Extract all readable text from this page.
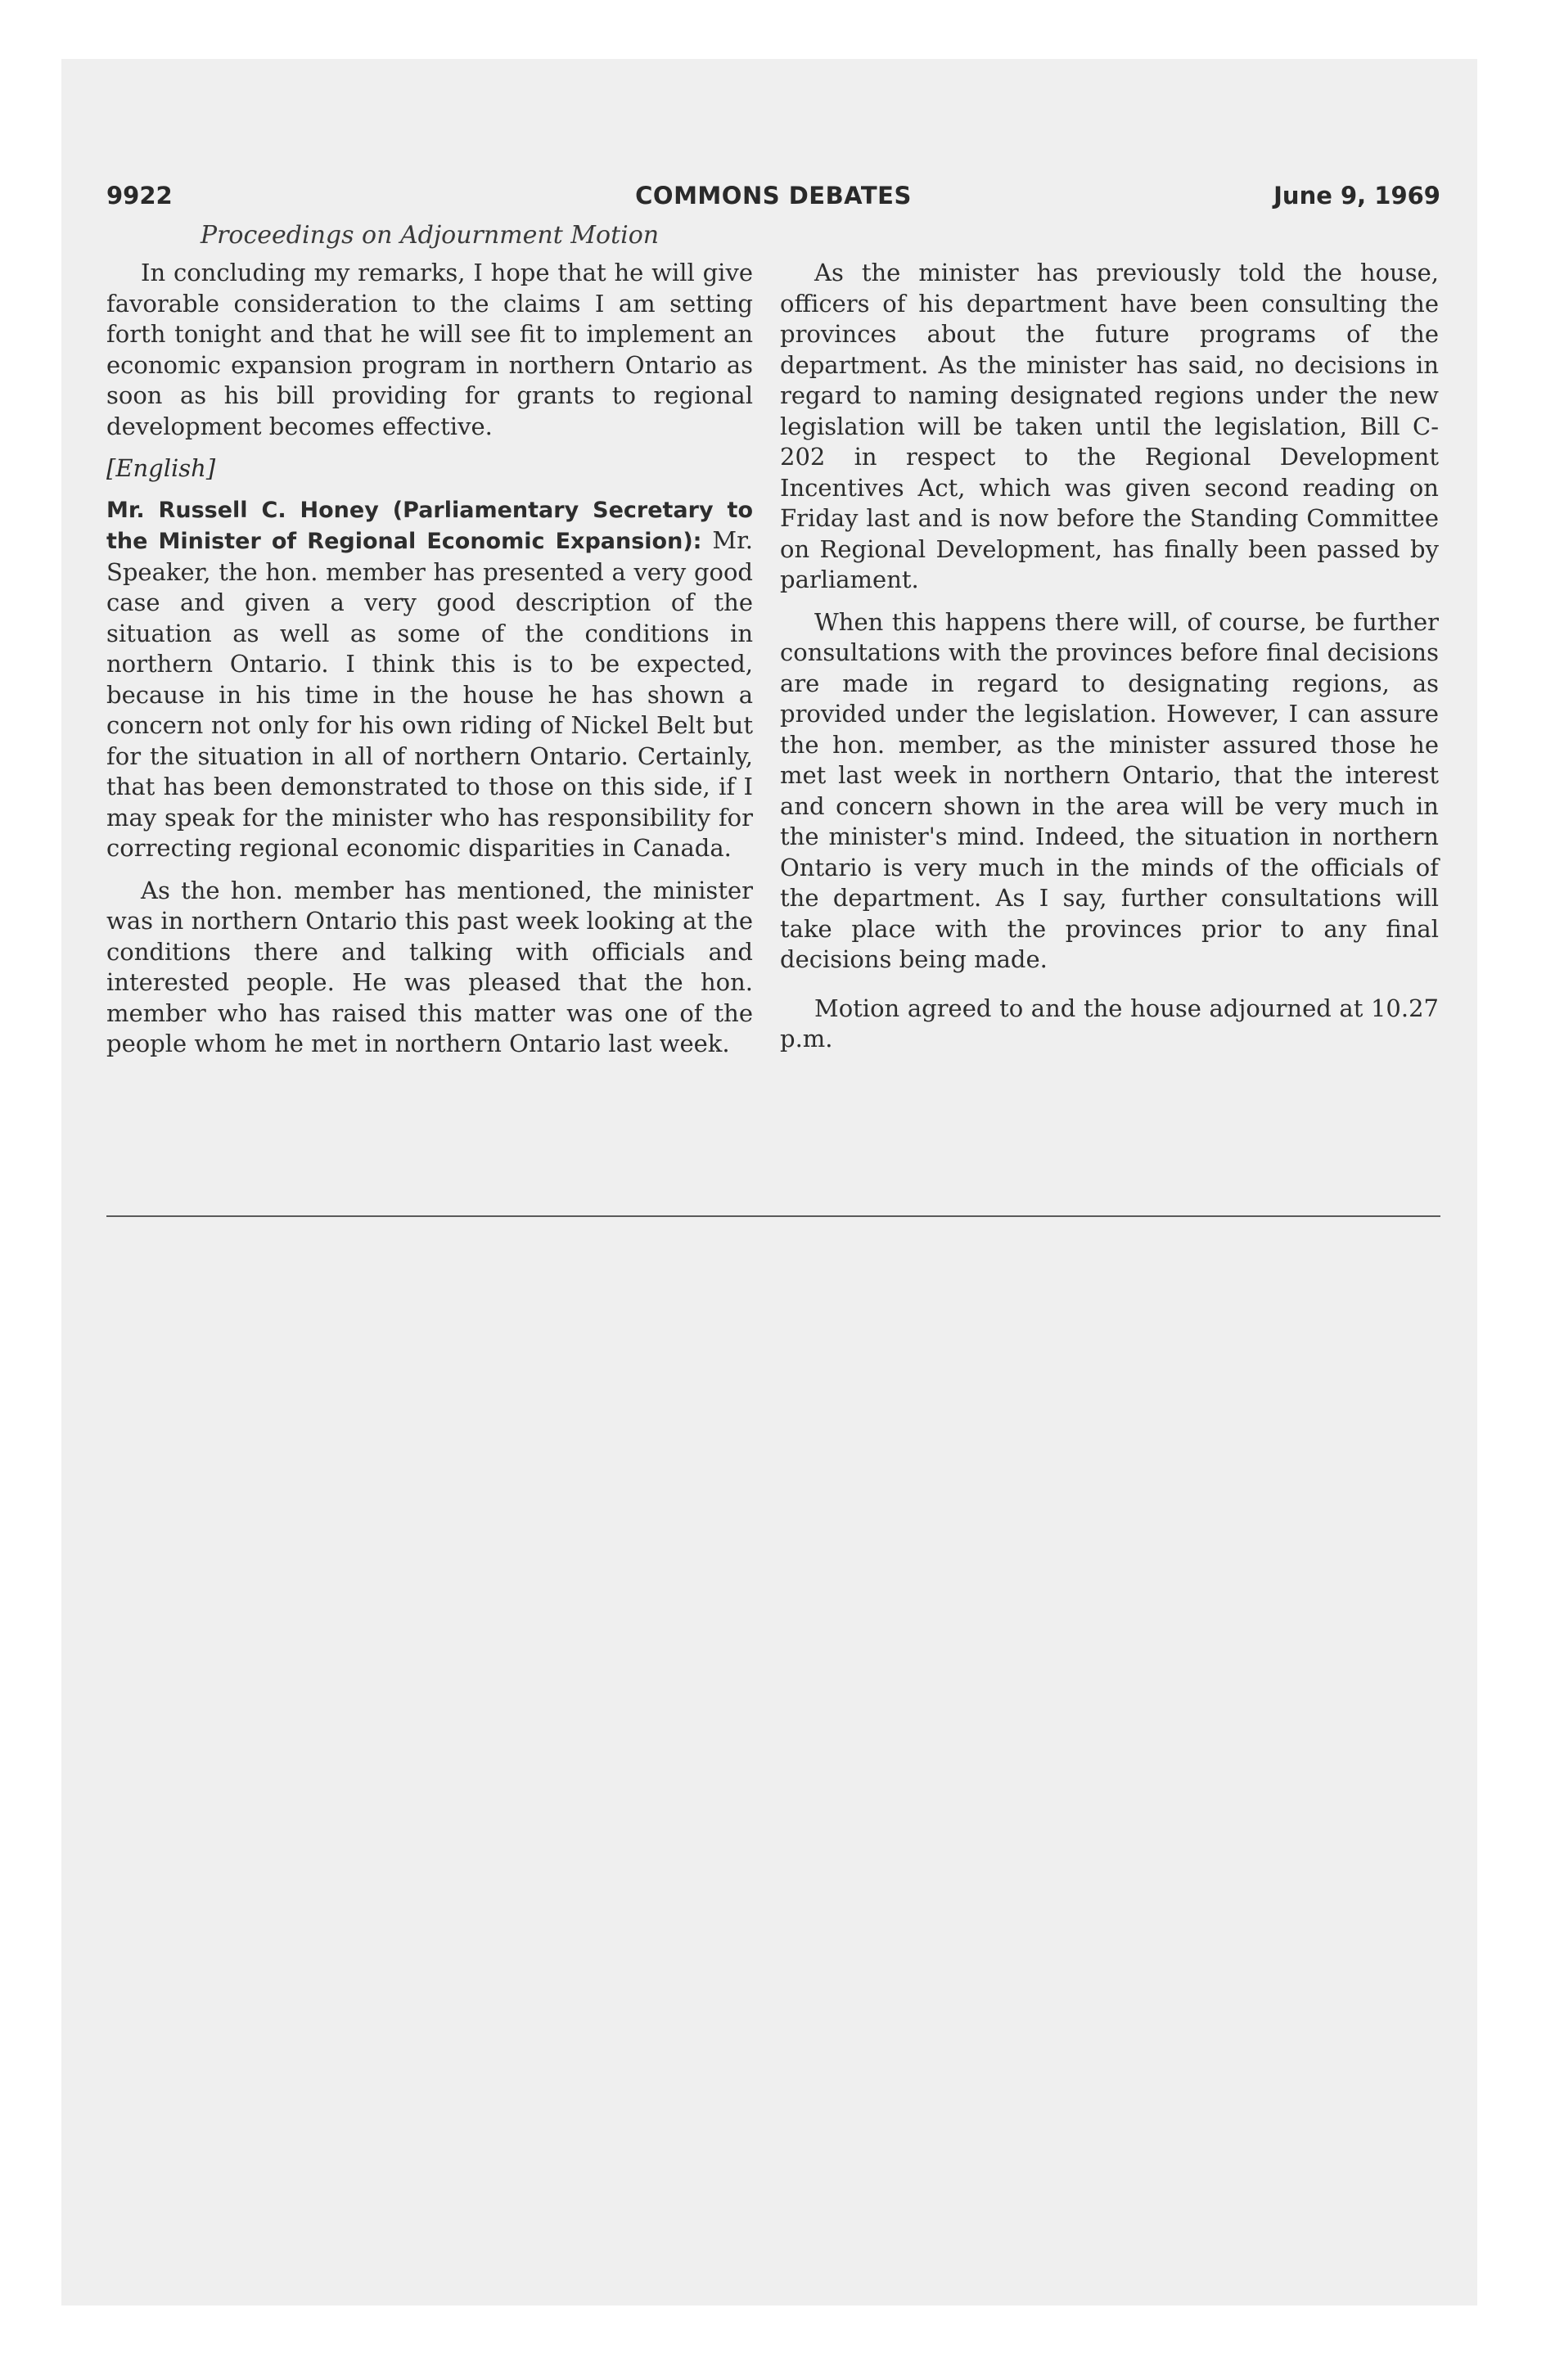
9922	COMMONS DEBATES	June 9, 1969
Proceedings on Adjournment Motion

In concluding my remarks, I hope that he will give favorable consideration to the claims I am setting forth tonight and that he will see fit to implement an economic expansion program in northern Ontario as soon as his bill providing for grants to regional development becomes effective.

[English]

Mr. Russell C. Honey (Parliamentary Secretary to the Minister of Regional Economic Expansion): Mr. Speaker, the hon. member has presented a very good case and given a very good description of the situation as well as some of the conditions in northern Ontario. I think this is to be expected, because in his time in the house he has shown a concern not only for his own riding of Nickel Belt but for the situation in all of northern Ontario. Certainly, that has been demonstrated to those on this side, if I may speak for the minister who has responsibility for correcting regional economic disparities in Canada.

As the hon. member has mentioned, the minister was in northern Ontario this past week looking at the conditions there and talking with officials and interested people. He was pleased that the hon. member who has raised this matter was one of the people whom he met in northern Ontario last week.

As the minister has previously told the house, officers of his department have been consulting the provinces about the future programs of the department. As the minister has said, no decisions in regard to naming designated regions under the new legislation will be taken until the legislation, Bill C-202 in respect to the Regional Development Incentives Act, which was given second reading on Friday last and is now before the Standing Committee on Regional Development, has finally been passed by parliament.

When this happens there will, of course, be further consultations with the provinces before final decisions are made in regard to designating regions, as provided under the legislation. However, I can assure the hon. member, as the minister assured those he met last week in northern Ontario, that the interest and concern shown in the area will be very much in the minister's mind. Indeed, the situation in northern Ontario is very much in the minds of the officials of the department. As I say, further consultations will take place with the provinces prior to any final decisions being made.

Motion agreed to and the house adjourned at 10.27 p.m.
